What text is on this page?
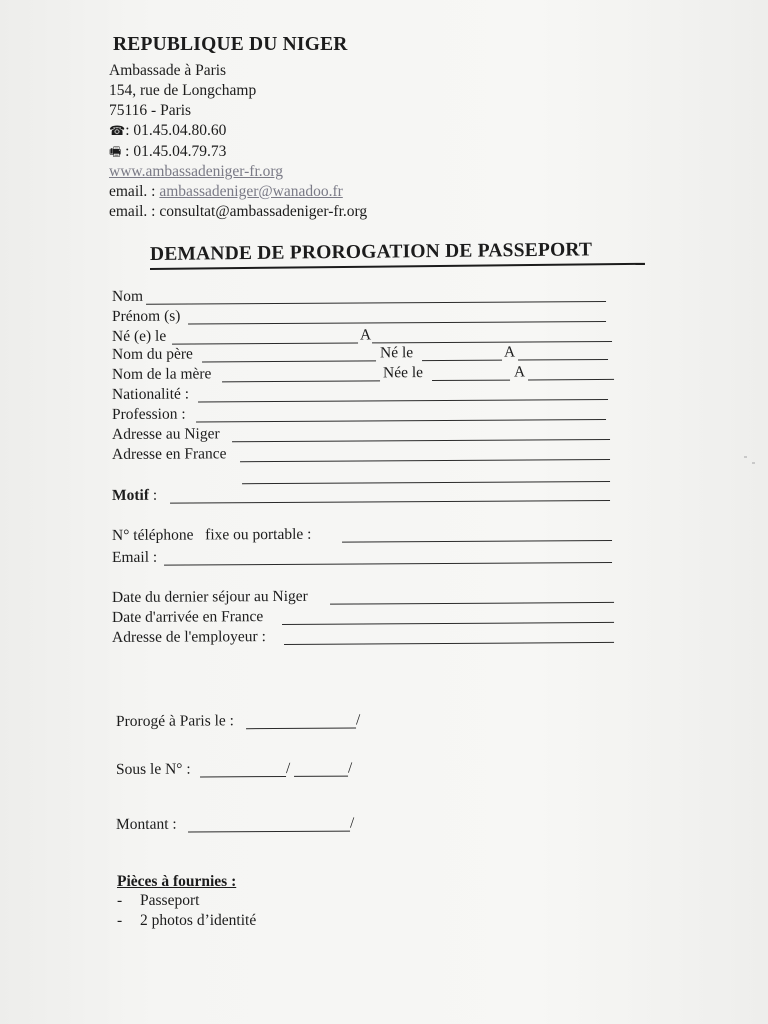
REPUBLIQUE DU NIGER
Ambassade à Paris
154, rue de Longchamp
75116 - Paris
☎: 01.45.04.80.60
🖷 : 01.45.04.79.73
www.ambassadeniger-fr.org
email. : ambassadeniger@wanadoo.fr
email. : consultat@ambassadeniger-fr.org
DEMANDE DE PROROGATION DE PASSEPORT
Nom
Prénom (s)
Né (e) le	A
Nom du père	Né le	A
Nom de la mère	Née le	A
Nationalité :
Profession :
Adresse au Niger
Adresse en France
Motif :
N° téléphone   fixe ou portable :
Email :
Date du dernier séjour au Niger
Date d'arrivée en France
Adresse de l'employeur :
Prorogé à Paris le :	/
Sous le N° :	/	/
Montant :	/
Pièces à fournies :
- Passeport
- 2 photos d’identité
